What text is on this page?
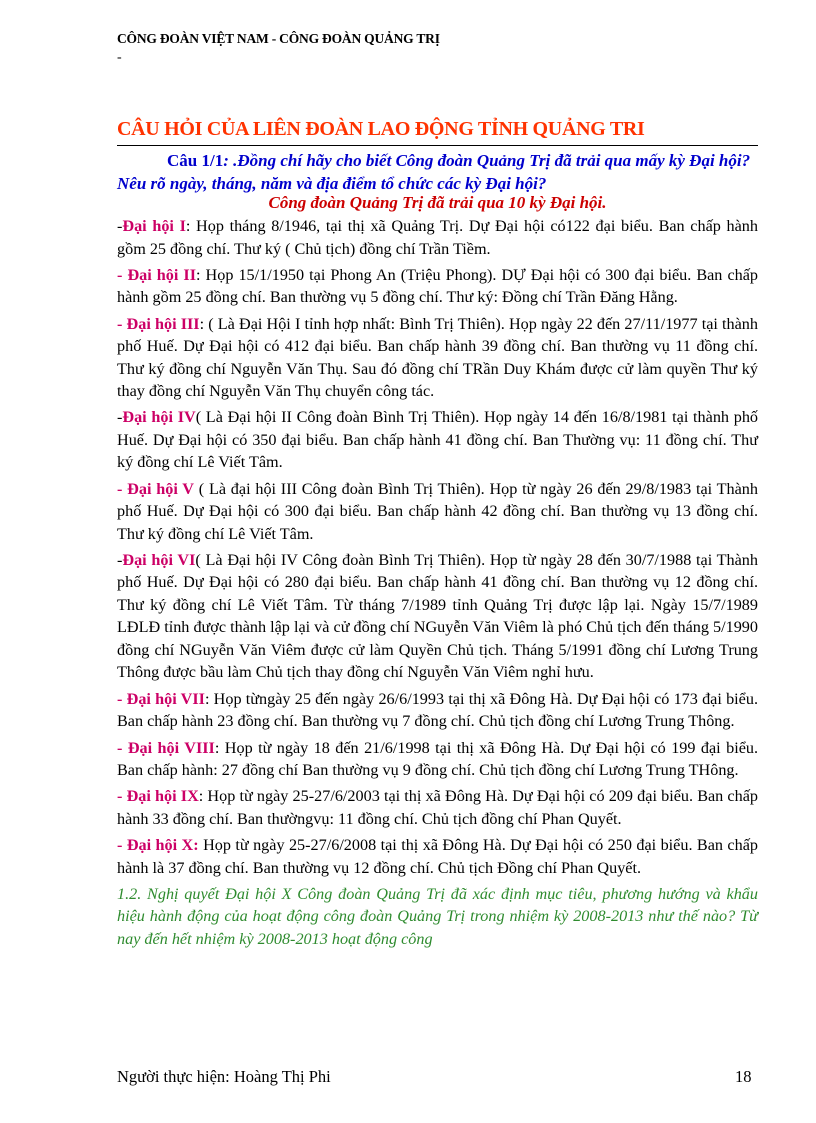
CÔNG ĐOÀN VIỆT NAM - CÔNG ĐOÀN QUẢNG TRỊ
-
CÂU HỎI CỦA LIÊN ĐOÀN LAO ĐỘNG TỈNH QUẢNG TRI
Câu 1/1: .Đồng chí hãy cho biết Công đoàn Quảng Trị đã trải qua mấy kỳ Đại hội? Nêu rõ ngày, tháng, năm và địa điểm tổ chức các kỳ Đại hội?
Công đoàn Quảng Trị đã trải qua 10 kỳ Đại hội.

-Đại hội I: Họp tháng 8/1946, tại thị xã Quảng Trị. Dự Đại hội có122 đại biểu. Ban chấp hành gồm 25 đồng chí. Thư ký ( Chủ tịch) đồng chí Trần Tiềm.

- Đại hội II: Họp 15/1/1950 tại Phong An (Triệu Phong). DỰ Đại hội có 300 đại biểu. Ban chấp hành gồm 25 đồng chí. Ban thường vụ 5 đồng chí. Thư ký: Đồng chí Trần Đăng Hằng.

- Đại hội III: ( Là Đại Hội I tỉnh hợp nhất: Bình Trị Thiên). Họp ngày 22 đến 27/11/1977 tại thành phố Huế. Dự Đại hội có 412 đại biểu. Ban chấp hành 39 đồng chí. Ban thường vụ 11 đồng chí. Thư ký đồng chí Nguyễn Văn Thụ. Sau đó đồng chí TRần Duy Khám được cử làm quyền Thư ký thay đồng chí Nguyễn Văn Thụ chuyển công tác.

-Đại hội IV( Là Đại hội II Công đoàn Bình Trị Thiên). Họp ngày 14 đến 16/8/1981 tại thành phố Huế. Dự Đại hội có 350 đại biểu. Ban chấp hành 41 đồng chí. Ban Thường vụ: 11 đồng chí. Thư ký đồng chí Lê Viết Tâm.

- Đại hội V ( Là đại hội III Công đoàn Bình Trị Thiên). Họp từ ngày 26 đến 29/8/1983 tại Thành phố Huế. Dự Đại hội có 300 đại biểu. Ban chấp hành 42 đồng chí. Ban thường vụ 13 đồng chí. Thư ký đồng chí Lê Viết Tâm.

-Đại hội VI( Là Đại hội IV Công đoàn Bình Trị Thiên). Họp từ ngày 28 đến 30/7/1988 tại Thành phố Huế. Dự Đại hội có 280 đại biểu. Ban chấp hành 41 đồng chí. Ban thường vụ 12 đồng chí. Thư ký đồng chí Lê Viết Tâm. Từ tháng 7/1989 tỉnh Quảng Trị được lập lại. Ngày 15/7/1989 LĐLĐ tỉnh được thành lập lại và cử đồng chí NGuyễn Văn Viêm là phó Chủ tịch đến tháng 5/1990 đồng chí NGuyễn Văn Viêm được cử làm Quyền Chủ tịch. Tháng 5/1991 đồng chí Lương Trung Thông được bầu làm Chủ tịch thay đồng chí Nguyễn Văn Viêm nghỉ hưu.

- Đại hội VII: Họp từngày 25 đến ngày 26/6/1993 tại thị xã Đông Hà. Dự Đại hội có 173 đại biểu. Ban chấp hành 23 đồng chí. Ban thường vụ 7 đồng chí. Chủ tịch đồng chí Lương Trung Thông.

- Đại hội VIII: Họp từ ngày 18 đến 21/6/1998 tại thị xã Đông Hà. Dự Đại hội có 199 đại biểu. Ban chấp hành: 27 đồng chí Ban thường vụ 9 đồng chí. Chủ tịch đồng chí Lương Trung THông.

- Đại hội IX: Họp từ ngày 25-27/6/2003 tại thị xã Đông Hà. Dự Đại hội có 209 đại biểu. Ban chấp hành 33 đồng chí. Ban thườngvụ: 11 đồng chí. Chủ tịch đồng chí Phan Quyết.

- Đại hội X: Họp từ ngày 25-27/6/2008 tại thị xã Đông Hà. Dự Đại hội có 250 đại biểu. Ban chấp hành là 37 đồng chí. Ban thường vụ 12 đồng chí. Chủ tịch Đồng chí Phan Quyết.

1.2. Nghị quyết Đại hội X Công đoàn Quảng Trị đã xác định mục tiêu, phương hướng và khẩu hiệu hành động của hoạt động công đoàn Quảng Trị trong nhiệm kỳ 2008-2013 như thế nào? Từ nay đến hết nhiệm kỳ 2008-2013 hoạt động công

Người thực hiện: Hoàng Thị Phi	18
